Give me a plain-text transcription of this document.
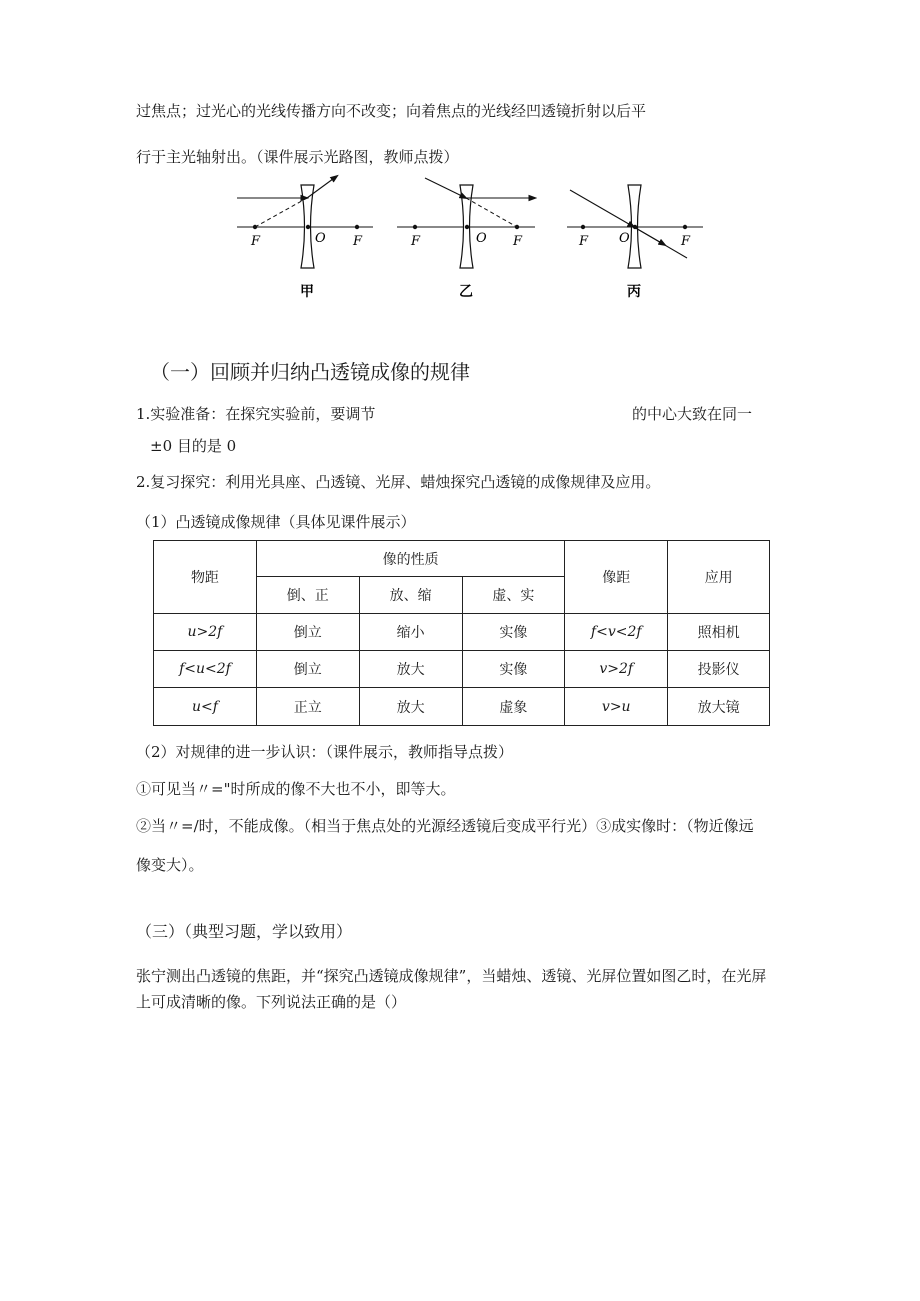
过焦点；过光心的光线传播方向不改变；向着焦点的光线经凹透镜折射以后平
行于主光轴射出。（课件展示光路图，教师点拨）
F	O F
甲
F	O F
乙
F O	F
丙
（一）回顾并归纳凸透镜成像的规律
1.实验准备：在探究实验前，要调节	的中心大致在同一
±0 目的是 0
2.复习探究：利用光具座、凸透镜、光屏、蜡烛探究凸透镜的成像规律及应用。
（1）凸透镜成像规律（具体见课件展示）
物距	像的性质			像距	应用
	倒、正	放、缩	虚、实		
u>2f	倒立	缩小	实像	f<v<2f	照相机
f<u<2f	倒立	放大	实像	v>2f	投影仪
u<f	正立	放大	虚象	v>u	放大镜
（2）对规律的进一步认识：（课件展示，教师指导点拨）
①可见当〃="时所成的像不大也不小，即等大。
②当〃=/时，不能成像。（相当于焦点处的光源经透镜后变成平行光）③成实像时：（物近像远
像变大）。
（三）（典型习题，学以致用）
张宁测出凸透镜的焦距，并“探究凸透镜成像规律”，当蜡烛、透镜、光屏位置如图乙时，在光屏
上可成清晰的像。下列说法正确的是（）
